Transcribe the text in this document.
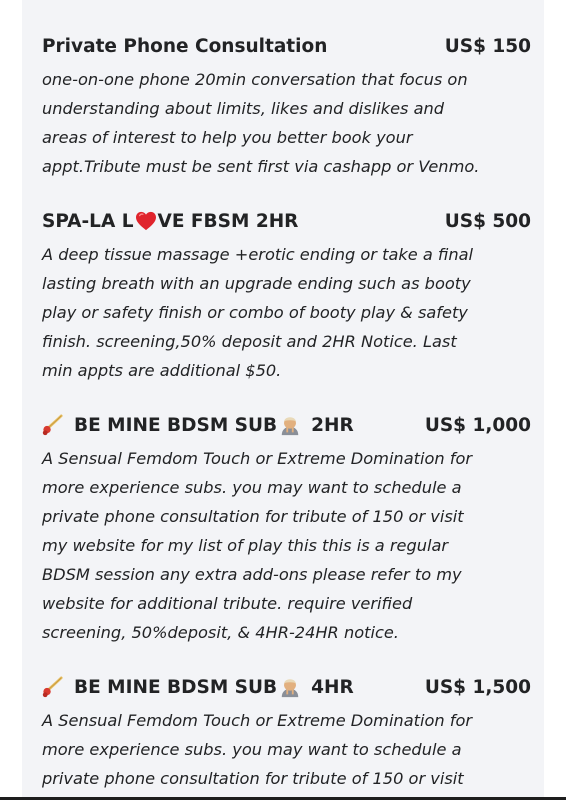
Private Phone Consultation	US$ 150
one-on-one phone 20min conversation that focus on
understanding about limits, likes and dislikes and
areas of interest to help you better book your
appt.Tribute must be sent first via cashapp or Venmo.
SPA-LA L VE FBSM 2HR	US$ 500
A deep tissue massage +erotic ending or take a final
lasting breath with an upgrade ending such as booty
play or safety finish or combo of booty play & safety
finish. screening,50% deposit and 2HR Notice. Last
min appts are additional $50.
BE MINE BDSM SUB 2HR	US$ 1,000
A Sensual Femdom Touch or Extreme Domination for
more experience subs. you may want to schedule a
private phone consultation for tribute of 150 or visit
my website for my list of play this this is a regular
BDSM session any extra add-ons please refer to my
website for additional tribute. require verified
screening, 50%deposit, & 4HR-24HR notice.
BE MINE BDSM SUB 4HR	US$ 1,500
A Sensual Femdom Touch or Extreme Domination for
more experience subs. you may want to schedule a
private phone consultation for tribute of 150 or visit
